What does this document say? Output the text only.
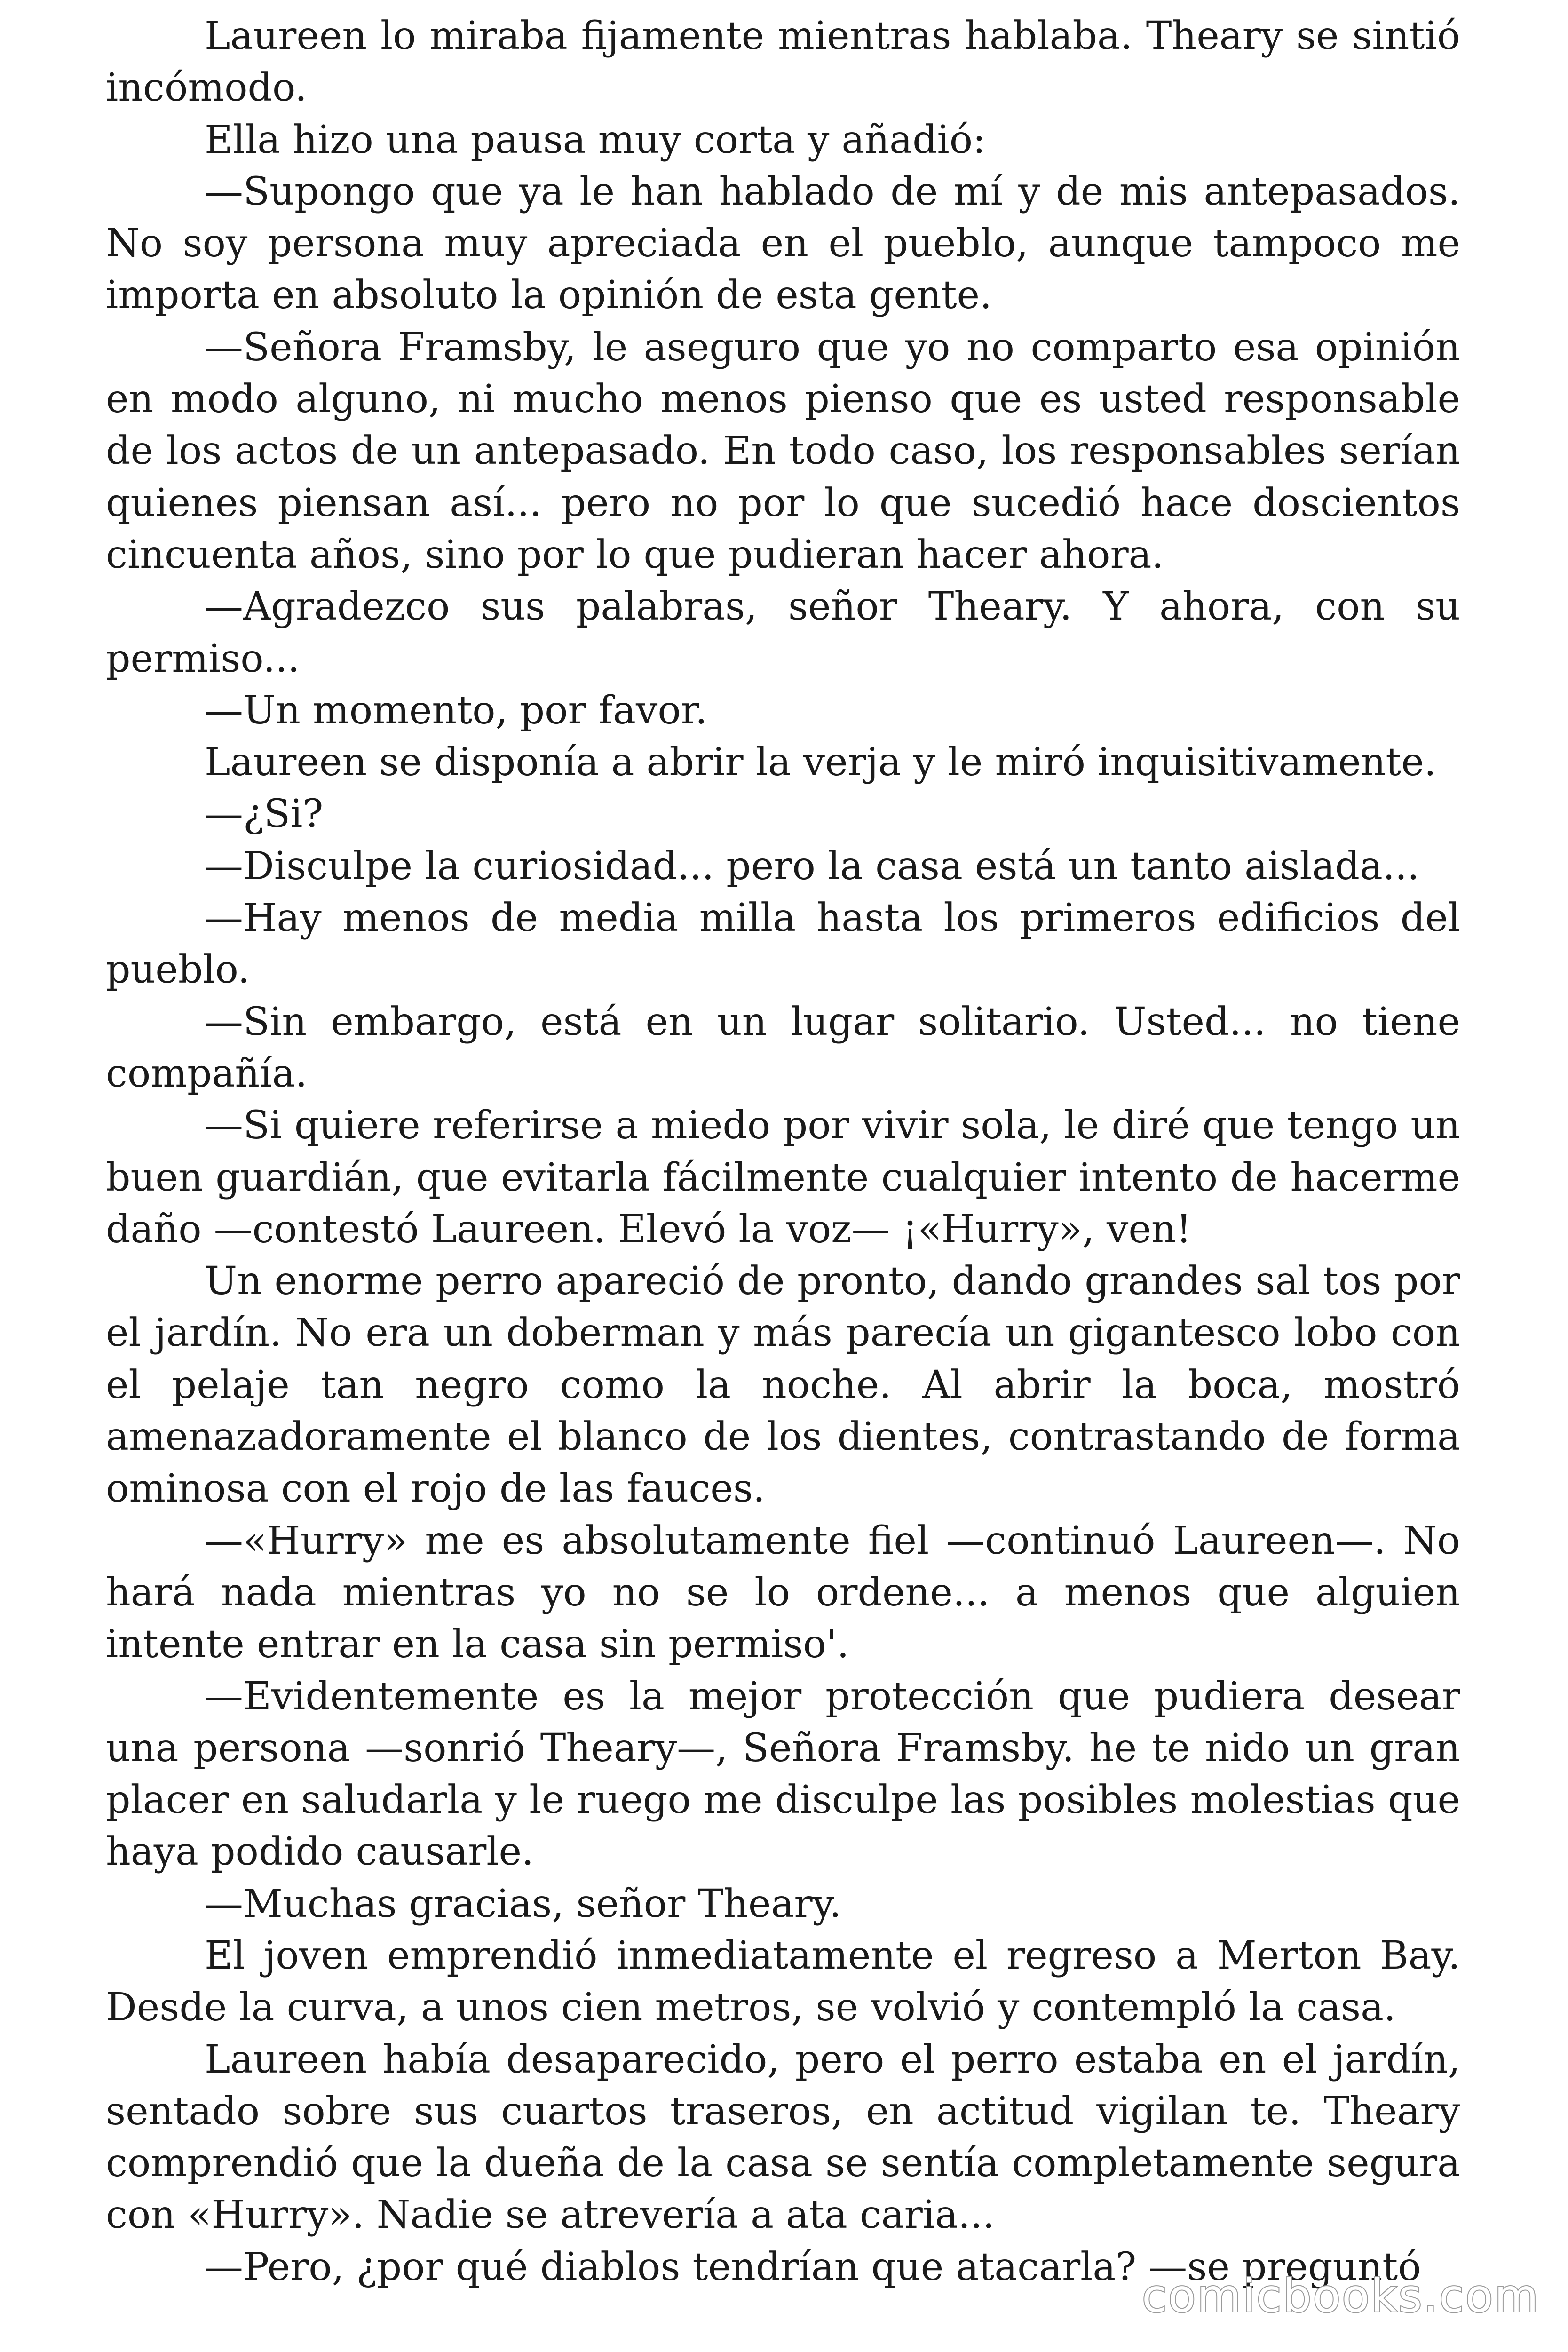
Laureen lo miraba fijamente mientras hablaba. Theary se sintió incómodo.

Ella hizo una pausa muy corta y añadió:

—Supongo que ya le han hablado de mí y de mis antepasados. No soy persona muy apreciada en el pueblo, aunque tampoco me importa en absoluto la opinión de esta gente.

—Señora Framsby, le aseguro que yo no comparto esa opinión en modo alguno, ni mucho menos pienso que es usted responsable de los actos de un antepasado. En todo caso, los responsables serían quienes piensan así... pero no por lo que sucedió hace doscientos cincuenta años, sino por lo que pudieran hacer ahora.

—Agradezco sus palabras, señor Theary. Y ahora, con su permiso...

—Un momento, por favor.

Laureen se disponía a abrir la verja y le miró inquisitivamente.

—¿Si?

—Disculpe la curiosidad... pero la casa está un tanto aislada...

—Hay menos de media milla hasta los primeros edificios del pueblo.

—Sin embargo, está en un lugar solitario. Usted... no tiene compañía.

—Si quiere referirse a miedo por vivir sola, le diré que tengo un buen guardián, que evitarla fácilmente cualquier intento de hacerme daño —contestó Laureen. Elevó la voz— ¡«Hurry», ven!

Un enorme perro apareció de pronto, dando grandes sal tos por el jardín. No era un doberman y más parecía un gigantesco lobo con el pelaje tan negro como la noche. Al abrir la boca, mostró amenazadoramente el blanco de los dientes, contrastando de forma ominosa con el rojo de las fauces.

—«Hurry» me es absolutamente fiel —continuó Laureen—. No hará nada mientras yo no se lo ordene... a menos que alguien intente entrar en la casa sin permiso'.

—Evidentemente es la mejor protección que pudiera desear una persona —sonrió Theary—, Señora Framsby. he te nido un gran placer en saludarla y le ruego me disculpe las posibles molestias que haya podido causarle.

—Muchas gracias, señor Theary.

El joven emprendió inmediatamente el regreso a Merton Bay. Desde la curva, a unos cien metros, se volvió y contempló la casa.

Laureen había desaparecido, pero el perro estaba en el jardín, sentado sobre sus cuartos traseros, en actitud vigilan te. Theary comprendió que la dueña de la casa se sentía completamente segura con «Hurry». Nadie se atrevería a ata caria...

—Pero, ¿por qué diablos tendrían que atacarla? —se preguntó

comicbooks.com
